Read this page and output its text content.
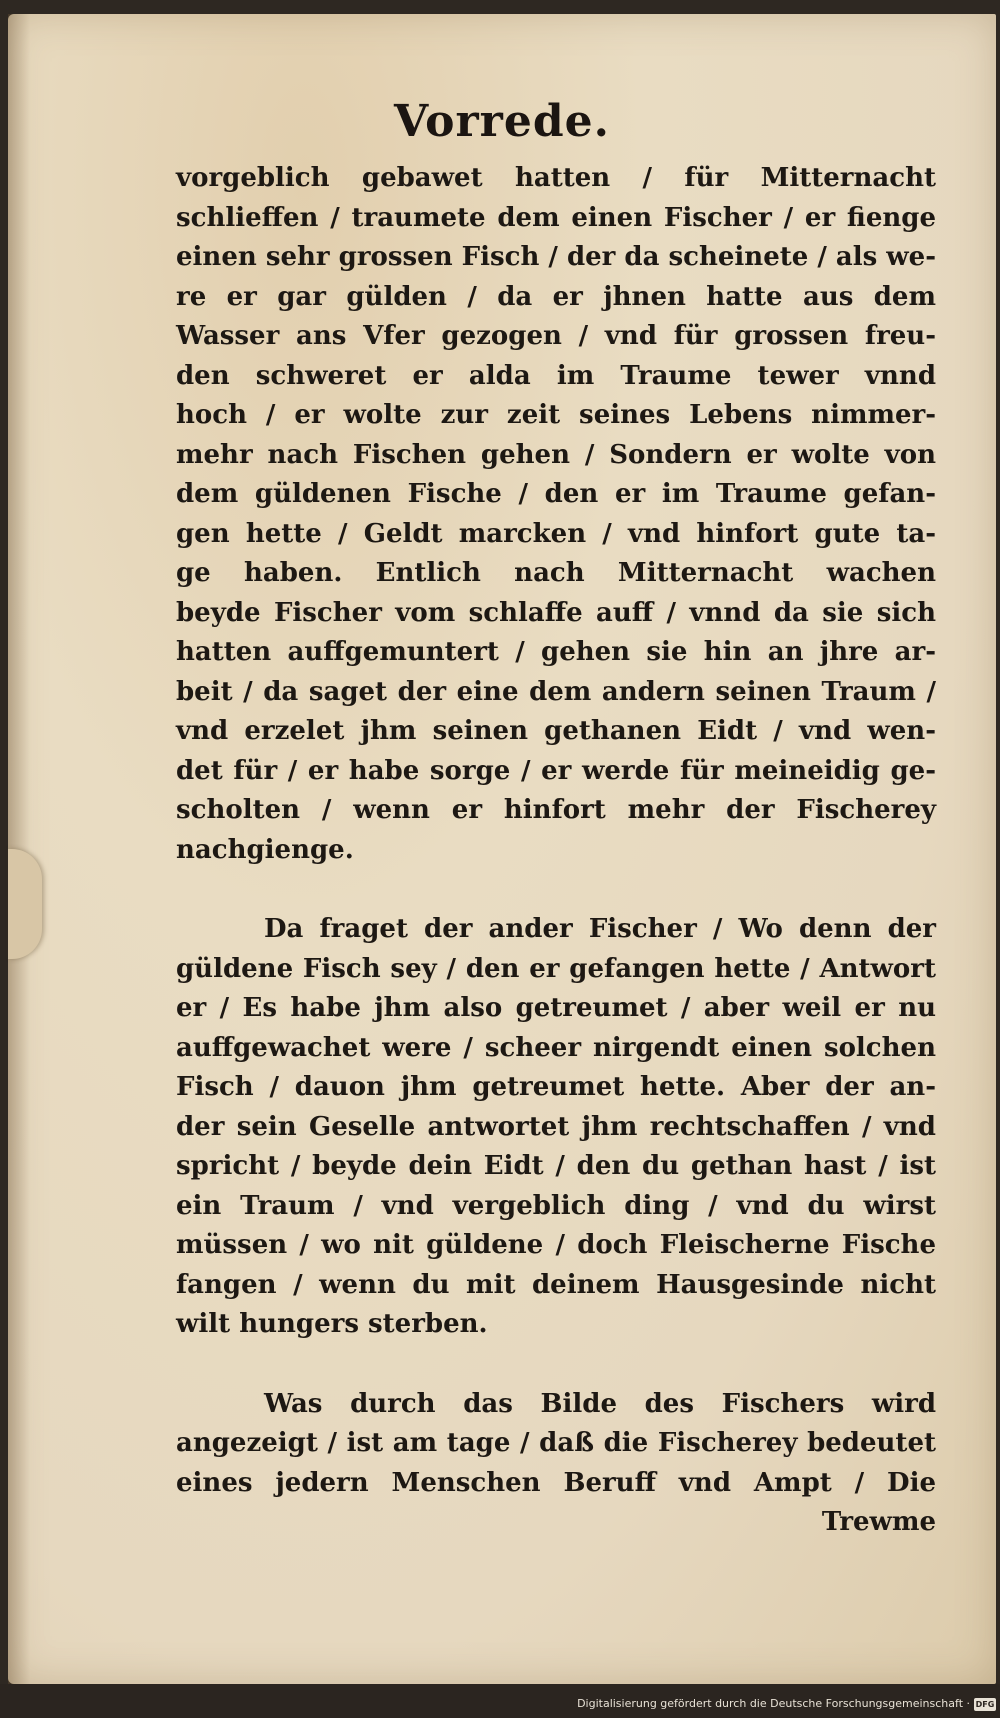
Vorrede.
vorgeblich gebawet hatten / für Mitternacht
schlieffen / traumete dem einen Fischer / er fienge
einen sehr grossen Fisch / der da scheinete / als we-
re er gar gülden / da er jhnen hatte aus dem
Wasser ans Vfer gezogen / vnd für grossen freu-
den schweret er alda im Traume tewer vnnd
hoch / er wolte zur zeit seines Lebens nimmer-
mehr nach Fischen gehen / Sondern er wolte von
dem güldenen Fische / den er im Traume gefan-
gen hette / Geldt marcken / vnd hinfort gute ta-
ge haben. Entlich nach Mitternacht wachen
beyde Fischer vom schlaffe auff / vnnd da sie sich
hatten auffgemuntert / gehen sie hin an jhre ar-
beit / da saget der eine dem andern seinen Traum /
vnd erzelet jhm seinen gethanen Eidt / vnd wen-
det für / er habe sorge / er werde für meineidig ge-
scholten / wenn er hinfort mehr der Fischerey
nachgienge.
Da fraget der ander Fischer / Wo denn der
güldene Fisch sey / den er gefangen hette / Antwort
er / Es habe jhm also getreumet / aber weil er nu
auffgewachet were / scheer nirgendt einen solchen
Fisch / dauon jhm getreumet hette. Aber der an-
der sein Geselle antwortet jhm rechtschaffen / vnd
spricht / beyde dein Eidt / den du gethan hast / ist
ein Traum / vnd vergeblich ding / vnd du wirst
müssen / wo nit güldene / doch Fleischerne Fische
fangen / wenn du mit deinem Hausgesinde nicht
wilt hungers sterben.
Was durch das Bilde des Fischers wird
angezeigt / ist am tage / daß die Fischerey bedeutet
eines jedern Menschen Beruff vnd Ampt / Die
Trewme
Digitalisierung gefördert durch die Deutsche Forschungsgemeinschaft · DFG
